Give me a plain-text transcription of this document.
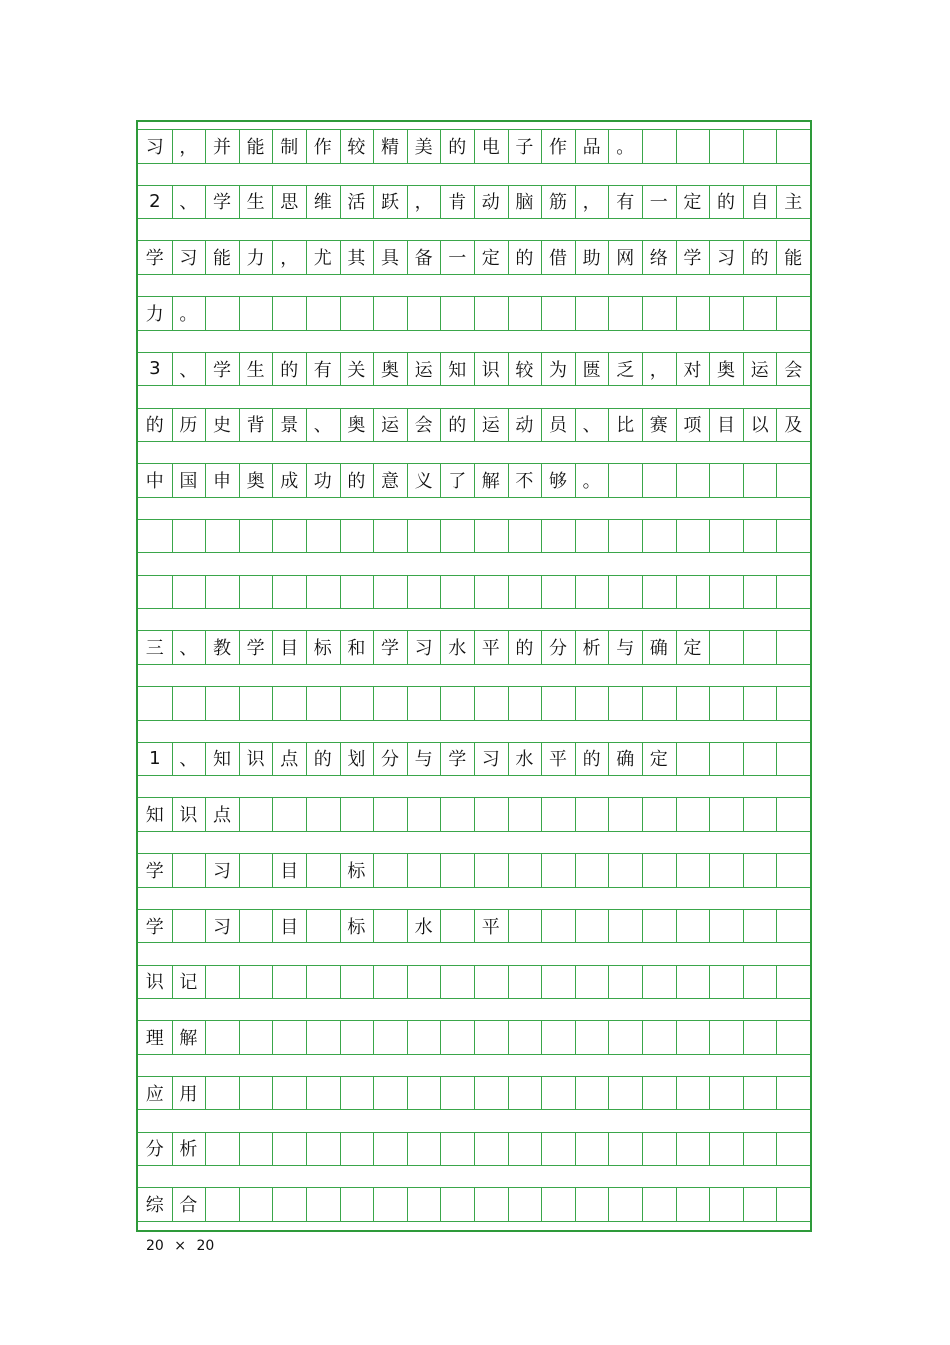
习 ， 并 能 制 作 较 精 美 的 电 子 作 品 。
2	、 学 生 思 维 活 跃 ， 肯 动 脑 筋 ， 有 一 定 的 自 主
学 习 能 力 ， 尤 其 具 备 一 定 的 借 助 网 络 学 习 的 能
力 。
3	、 学 生 的 有 关 奥 运 知 识 较 为 匮 乏 ， 对 奥 运 会
的 历 史 背 景 、 奥 运 会 的 运 动 员 、 比 赛 项 目 以 及
中 国 申 奥 成 功 的 意 义 了 解 不 够 。
三 、 教 学 目 标 和 学 习 水 平 的 分 析 与 确 定
1	、 知 识 点 的 划 分 与 学 习 水 平 的 确 定
知 识 点
学	习	目	标
学	习	目	标	水	平
识 记
理 解
应 用
分 析
综 合
20 × 20
